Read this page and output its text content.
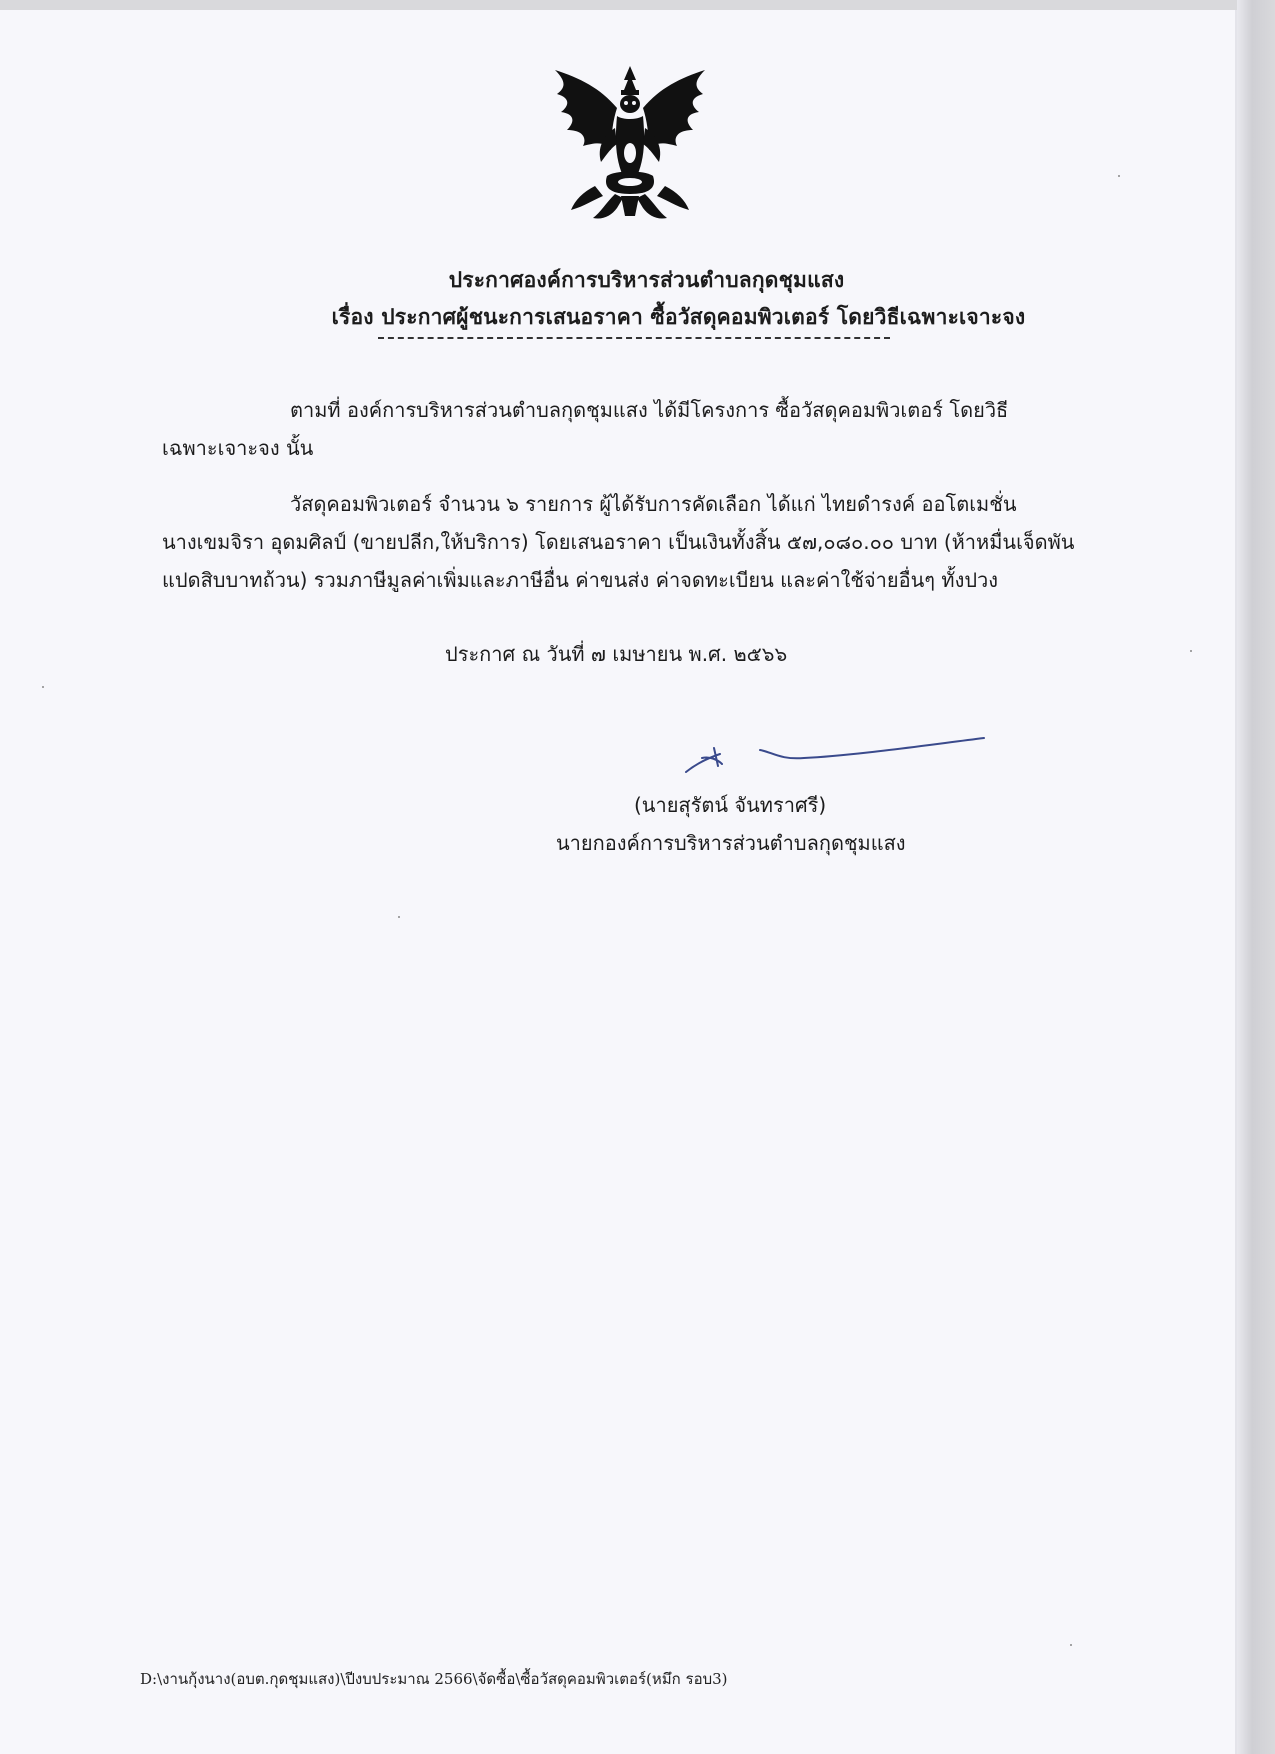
ประกาศองค์การบริหารส่วนตำบลกุดชุมแสง
เรื่อง ประกาศผู้ชนะการเสนอราคา ซื้อวัสดุคอมพิวเตอร์ โดยวิธีเฉพาะเจาะจง
ตามที่ องค์การบริหารส่วนตำบลกุดชุมแสง ได้มีโครงการ ซื้อวัสดุคอมพิวเตอร์ โดยวิธี
เฉพาะเจาะจง นั้น
วัสดุคอมพิวเตอร์ จำนวน ๖ รายการ ผู้ได้รับการคัดเลือก ได้แก่ ไทยดำรงค์ ออโตเมชั่น
นางเขมจิรา อุดมศิลป์ (ขายปลีก,ให้บริการ) โดยเสนอราคา เป็นเงินทั้งสิ้น ๕๗,๐๘๐.๐๐ บาท (ห้าหมื่นเจ็ดพัน
แปดสิบบาทถ้วน) รวมภาษีมูลค่าเพิ่มและภาษีอื่น ค่าขนส่ง ค่าจดทะเบียน และค่าใช้จ่ายอื่นๆ ทั้งปวง
ประกาศ ณ วันที่ ๗ เมษายน พ.ศ. ๒๕๖๖
(นายสุรัตน์ จันทราศรี)
นายกองค์การบริหารส่วนตำบลกุดชุมแสง
D:\งานกุ้งนาง(อบต.กุดชุมแสง)\ปีงบประมาณ 2566\จัดซื้อ\ซื้อวัสดุคอมพิวเตอร์(หมึก รอบ3)
